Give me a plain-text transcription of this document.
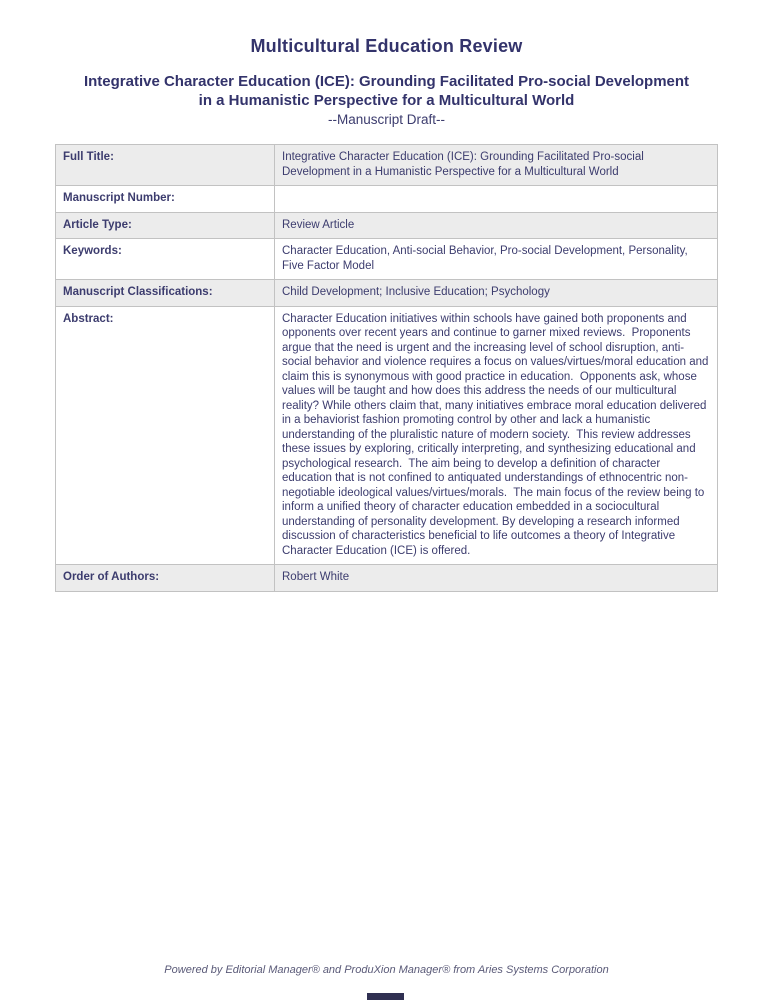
Multicultural Education Review
Integrative Character Education (ICE): Grounding Facilitated Pro-social Development
in a Humanistic Perspective for a Multicultural World
--Manuscript Draft--
Full Title:	Integrative Character Education (ICE): Grounding Facilitated Pro-social Development in a Humanistic Perspective for a Multicultural World
Manuscript Number:	
Article Type:	Review Article
Keywords:	Character Education, Anti-social Behavior, Pro-social Development, Personality, Five Factor Model
Manuscript Classifications:	Child Development; Inclusive Education; Psychology
Abstract:	Character Education initiatives within schools have gained both proponents and opponents over recent years and continue to garner mixed reviews.  Proponents argue that the need is urgent and the increasing level of school disruption, anti-social behavior and violence requires a focus on values/virtues/moral education and claim this is synonymous with good practice in education.  Opponents ask, whose values will be taught and how does this address the needs of our multicultural reality? While others claim that, many initiatives embrace moral education delivered in a behaviorist fashion promoting control by other and lack a humanistic understanding of the pluralistic nature of modern society.  This review addresses these issues by exploring, critically interpreting, and synthesizing educational and psychological research.  The aim being to develop a definition of character education that is not confined to antiquated understandings of ethnocentric non-negotiable ideological values/virtues/morals.  The main focus of the review being to inform a unified theory of character education embedded in a sociocultural understanding of personality development. By developing a research informed discussion of characteristics beneficial to life outcomes a theory of Integrative Character Education (ICE) is offered.
Order of Authors:	Robert White
Powered by Editorial Manager® and ProduXion Manager® from Aries Systems Corporation
